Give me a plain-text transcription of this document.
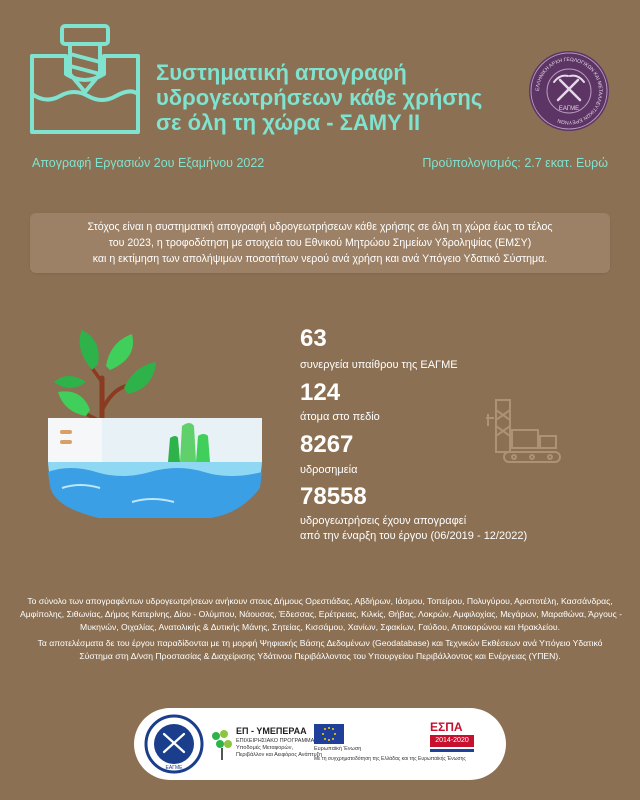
Συστηματική απογραφή
υδρογεωτρήσεων κάθε χρήσης
σε όλη τη χώρα - ΣΑΜΥ ΙΙ
ΕΛΛΗΝΙΚΗ ΑΡΧΗ ΓΕΩΛΟΓΙΚΩΝ ΚΑΙ ΜΕΤΑΛΛΕΥΤΙΚΩΝ ΕΡΕΥΝΩΝ
ΕΑΓΜΕ
Απογραφή Εργασιών 2ου Εξαμήνου 2022	Προϋπολογισμός: 2.7 εκατ. Ευρώ
Στόχος είναι η συστηματική απογραφή υδρογεωτρήσεων κάθε χρήσης σε όλη τη χώρα έως το τέλος
του 2023, η τροφοδότηση με στοιχεία του Εθνικού Μητρώου Σημείων Υδροληψίας (ΕΜΣΥ)
και η εκτίμηση των απολήψιμων ποσοτήτων νερού ανά χρήση και ανά Υπόγειο Υδατικό Σύστημα.
63
συνεργεία υπαίθρου της ΕΑΓΜΕ
124
άτομα στο πεδίο
8267
υδροσημεία
78558
υδρογεωτρήσεις έχουν απογραφεί
από την έναρξη του έργου (06/2019 - 12/2022)
Το σύνολο των απογραφέντων υδρογεωτρήσεων ανήκουν στους Δήμους Ορεστιάδας, Αβδήρων, Ιάσμου, Τοπείρου, Πολυγύρου, Αριστοτέλη, Κασσάνδρας,
Αμφίπολης, Σιθωνίας, Δήμος Κατερίνης, Δίου - Ολύμπου, Νάουσας, Έδεσσας, Ερέτρειας, Κιλκίς, Θήβας, Λοκρών, Αμφιλοχίας, Μεγάρων, Μαραθώνα, Άργους -
Μυκηνών, Οιχαλίας, Ανατολικής & Δυτικής Μάνης, Σητείας, Κισσάμου, Χανίων, Σφακίων, Γαύδου, Αποκορώνου και Ηρακλείου.
Τα αποτελέσματα δε του έργου παραδίδονται με τη μορφή Ψηφιακής Βάσης Δεδομένων (Geodatabase) και Τεχνικών Εκθέσεων ανά Υπόγειο Υδατικό
Σύστημα στη Δ/νση Προστασίας & Διαχείρισης Υδάτινου Περιβάλλοντος του Υπουργείου Περιβάλλοντος και Ενέργειας (ΥΠΕΝ).
ΕΑΓΜΕ
ΕΠ - ΥΜΕΠΕΡΑΑ
ΕΠΙΧΕΙΡΗΣΙΑΚΟ ΠΡΟΓΡΑΜΜΑ
Υποδομές Μεταφορών,
Περιβάλλον και Αειφόρος Ανάπτυξη
Ευρωπαϊκή Ένωση
Με τη συγχρηματοδότηση της Ελλάδας και της Ευρωπαϊκής Ένωσης
ΕΣΠΑ
2014-2020
